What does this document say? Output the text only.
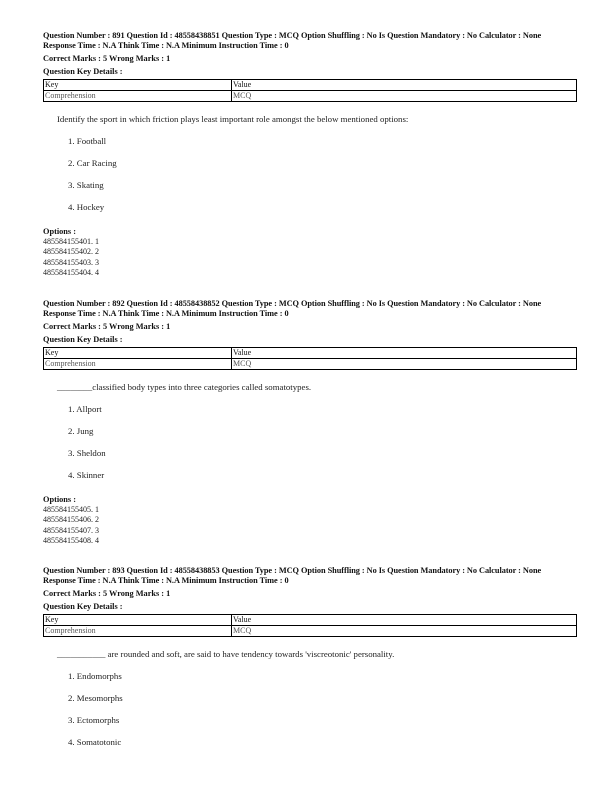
Question Number : 891 Question Id : 48558438851 Question Type : MCQ Option Shuffling : No Is Question Mandatory : No Calculator : None
Response Time : N.A Think Time : N.A Minimum Instruction Time : 0
Correct Marks : 5 Wrong Marks : 1
Question Key Details :
Key	Value
Comprehension	MCQ
Identify the sport in which friction plays least important role amongst the below mentioned options:
1. Football
2. Car Racing
3. Skating
4. Hockey
Options :
485584155401. 1
485584155402. 2
485584155403. 3
485584155404. 4
Question Number : 892 Question Id : 48558438852 Question Type : MCQ Option Shuffling : No Is Question Mandatory : No Calculator : None
Response Time : N.A Think Time : N.A Minimum Instruction Time : 0
Correct Marks : 5 Wrong Marks : 1
Question Key Details :
Key	Value
Comprehension	MCQ
________classified body types into three categories called somatotypes.
1. Allport
2. Jung
3. Sheldon
4. Skinner
Options :
485584155405. 1
485584155406. 2
485584155407. 3
485584155408. 4
Question Number : 893 Question Id : 48558438853 Question Type : MCQ Option Shuffling : No Is Question Mandatory : No Calculator : None
Response Time : N.A Think Time : N.A Minimum Instruction Time : 0
Correct Marks : 5 Wrong Marks : 1
Question Key Details :
Key	Value
Comprehension	MCQ
___________ are rounded and soft, are said to have tendency towards 'viscreotonic' personality.
1. Endomorphs
2. Mesomorphs
3. Ectomorphs
4. Somatotonic
